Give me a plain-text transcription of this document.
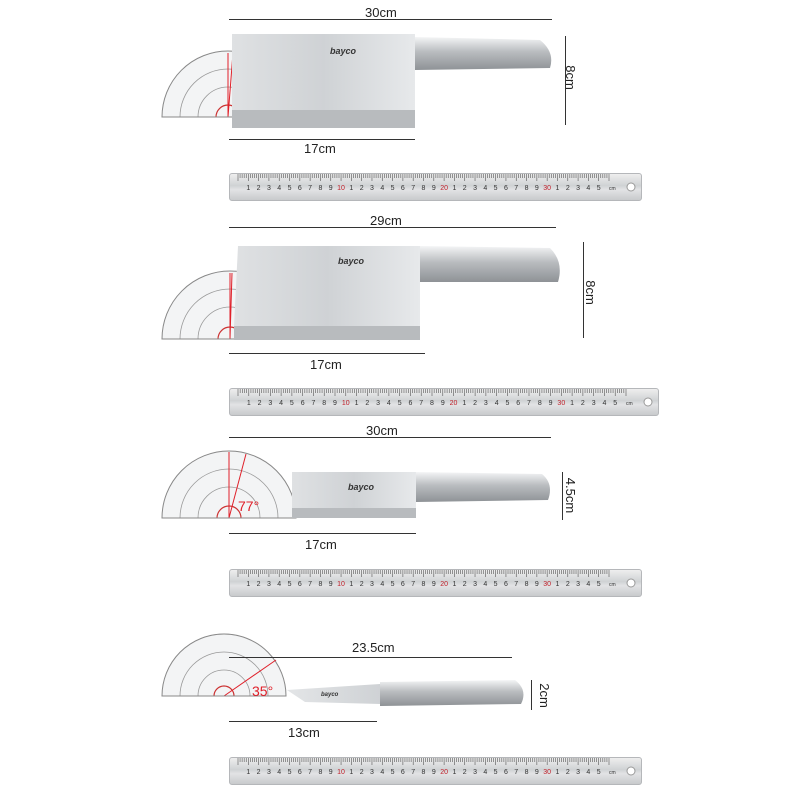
30cm
bayco
8cm
17cm
1 2 3 4 5 6 7 8 9 10 1 2 3 4 5 6 7 8 9 20 1 2 3 4 5 6 7 8 9 30 1 2 3 4 5 cm
29cm
bayco
8cm
17cm
1 2 3 4 5 6 7 8 9 10 1 2 3 4 5 6 7 8 9 20 1 2 3 4 5 6 7 8 9 30 1 2 3 4 5 cm
30cm
77°
bayco	4.5cm
17cm
1 2 3 4 5 6 7 8 9 10 1 2 3 4 5 6 7 8 9 20 1 2 3 4 5 6 7 8 9 30 1 2 3 4 5 cm
35°
23.5cm
bayco	2cm
13cm
1 2 3 4 5 6 7 8 9 10 1 2 3 4 5 6 7 8 9 20 1 2 3 4 5 6 7 8 9 30 1 2 3 4 5 cm
